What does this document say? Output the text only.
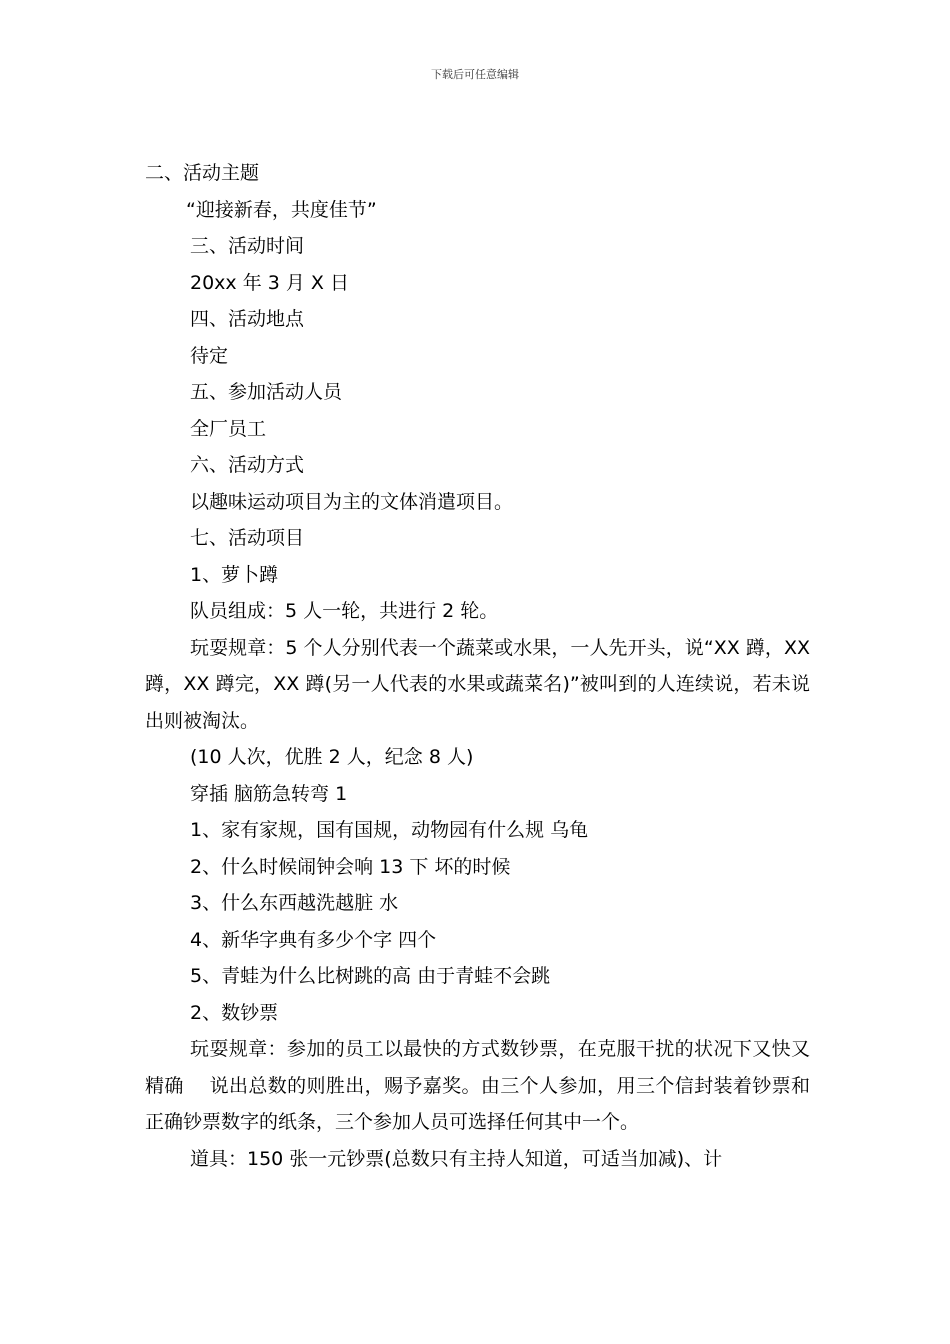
下载后可任意编辑
二、活动主题
“迎接新春，共度佳节”
三、活动时间
20xx 年 3 月 X 日
四、活动地点
待定
五、参加活动人员
全厂员工
六、活动方式
以趣味运动项目为主的文体消遣项目。
七、活动项目
1、萝卜蹲
队员组成：5 人一轮，共进行 2 轮。
玩耍规章：5 个人分别代表一个蔬菜或水果，一人先开头，说“XX 蹲，XX 蹲，XX 蹲完，XX 蹲(另一人代表的水果或蔬菜名)”被叫到的人连续说，若未说出则被淘汰。
(10 人次，优胜 2 人，纪念 8 人)
穿插 脑筋急转弯 1
1、家有家规，国有国规，动物园有什么规 乌龟
2、什么时候闹钟会响 13 下 坏的时候
3、什么东西越洗越脏 水
4、新华字典有多少个字 四个
5、青蛙为什么比树跳的高 由于青蛙不会跳
2、数钞票
玩耍规章：参加的员工以最快的方式数钞票，在克服干扰的状况下又快又精确　 说出总数的则胜出，赐予嘉奖。由三个人参加，用三个信封装着钞票和正确钞票数字的纸条，三个参加人员可选择任何其中一个。
道具：150 张一元钞票(总数只有主持人知道，可适当加减)、计
